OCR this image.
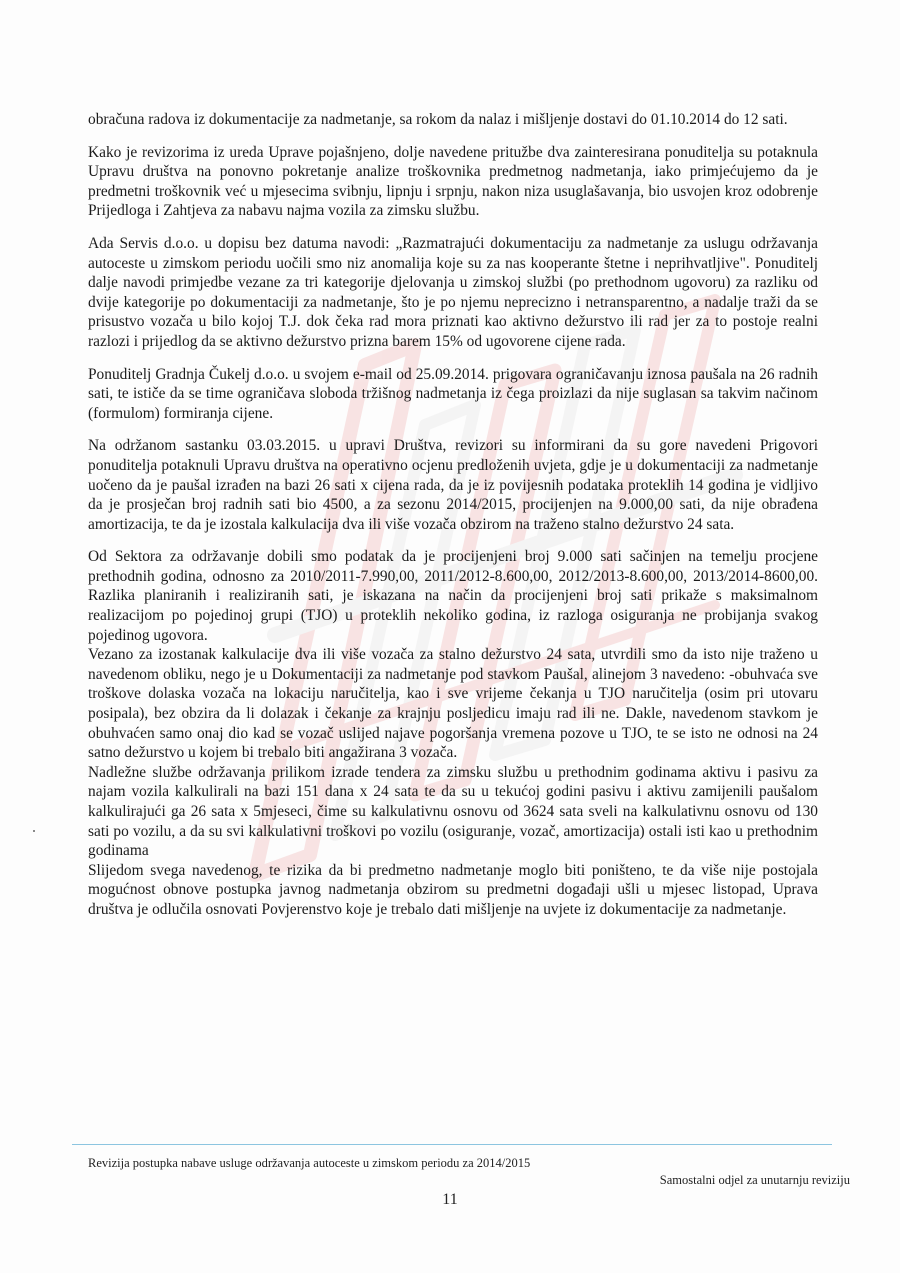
obračuna radova iz dokumentacije za nadmetanje, sa rokom da nalaz i mišljenje dostavi do 01.10.2014 do 12 sati.

Kako je revizorima iz ureda Uprave pojašnjeno, dolje navedene pritužbe dva zainteresirana ponuditelja su potaknula Upravu društva na ponovno pokretanje analize troškovnika predmetnog nadmetanja, iako primjećujemo da je predmetni troškovnik već u mjesecima svibnju, lipnju i srpnju, nakon niza usuglašavanja, bio usvojen kroz odobrenje Prijedloga i Zahtjeva za nabavu najma vozila za zimsku službu.

Ada Servis d.o.o. u dopisu bez datuma navodi: „Razmatrajući dokumentaciju za nadmetanje za uslugu održavanja autoceste u zimskom periodu uočili smo niz anomalija koje su za nas kooperante štetne i neprihvatljive". Ponuditelj dalje navodi primjedbe vezane za tri kategorije djelovanja u zimskoj službi (po prethodnom ugovoru) za razliku od dvije kategorije po dokumentaciji za nadmetanje, što je po njemu neprecizno i netransparentno, a nadalje traži da se prisustvo vozača u bilo kojoj T.J. dok čeka rad mora priznati kao aktivno dežurstvo ili rad jer za to postoje realni razlozi i prijedlog da se aktivno dežurstvo prizna barem 15% od ugovorene cijene rada.

Ponuditelj Gradnja Čukelj d.o.o. u svojem e-mail od 25.09.2014. prigovara ograničavanju iznosa paušala na 26 radnih sati, te ističe da se time ograničava sloboda tržišnog nadmetanja iz čega proizlazi da nije suglasan sa takvim načinom (formulom) formiranja cijene.

Na održanom sastanku 03.03.2015. u upravi Društva, revizori su informirani da su gore navedeni Prigovori ponuditelja potaknuli Upravu društva na operativno ocjenu predloženih uvjeta, gdje je u dokumentaciji za nadmetanje uočeno da je paušal izrađen na bazi 26 sati x cijena rada, da je iz povijesnih podataka proteklih 14 godina je vidljivo da je prosječan broj radnih sati bio 4500, a za sezonu 2014/2015, procijenjen na 9.000,00 sati, da nije obrađena amortizacija, te da je izostala kalkulacija dva ili više vozača obzirom na traženo stalno dežurstvo 24 sata.

Od Sektora za održavanje dobili smo podatak da je procijenjeni broj 9.000 sati sačinjen na temelju procjene prethodnih godina, odnosno za 2010/2011-7.990,00, 2011/2012-8.600,00, 2012/2013-8.600,00, 2013/2014-8600,00. Razlika planiranih i realiziranih sati, je iskazana na način da procijenjeni broj sati prikaže s maksimalnom realizacijom po pojedinoj grupi (TJO) u proteklih nekoliko godina, iz razloga osiguranja ne probijanja svakog pojedinog ugovora.

Vezano za izostanak kalkulacije dva ili više vozača za stalno dežurstvo 24 sata, utvrdili smo da isto nije traženo u navedenom obliku, nego je u Dokumentaciji za nadmetanje pod stavkom Paušal, alinejom 3 navedeno: -obuhvaća sve troškove dolaska vozača na lokaciju naručitelja, kao i sve vrijeme čekanja u TJO naručitelja (osim pri utovaru posipala), bez obzira da li dolazak i čekanje za krajnju posljedicu imaju rad ili ne. Dakle, navedenom stavkom je obuhvaćen samo onaj dio kad se vozač uslijed najave pogoršanja vremena pozove u TJO, te se isto ne odnosi na 24 satno dežurstvo u kojem bi trebalo biti angažirana 3 vozača.

Nadležne službe održavanja prilikom izrade tendera za zimsku službu u prethodnim godinama aktivu i pasivu za najam vozila kalkulirali na bazi 151 dana x 24 sata te da su u tekućoj godini pasivu i aktivu zamijenili paušalom kalkulirajući ga 26 sata x 5mjeseci, čime su kalkulativnu osnovu od 3624 sata sveli na kalkulativnu osnovu od 130 sati po vozilu, a da su svi kalkulativni troškovi po vozilu (osiguranje, vozač, amortizacija) ostali isti kao u prethodnim godinama

Slijedom svega navedenog, te rizika da bi predmetno nadmetanje moglo biti poništeno, te da više nije postojala mogućnost obnove postupka javnog nadmetanja obzirom su predmetni događaji ušli u mjesec listopad, Uprava društva je odlučila osnovati Povjerenstvo koje je trebalo dati mišljenje na uvjete iz dokumentacije za nadmetanje.

Revizija postupka nabave usluge održavanja autoceste u zimskom periodu za 2014/2015
Samostalni odjel za unutarnju reviziju
11
